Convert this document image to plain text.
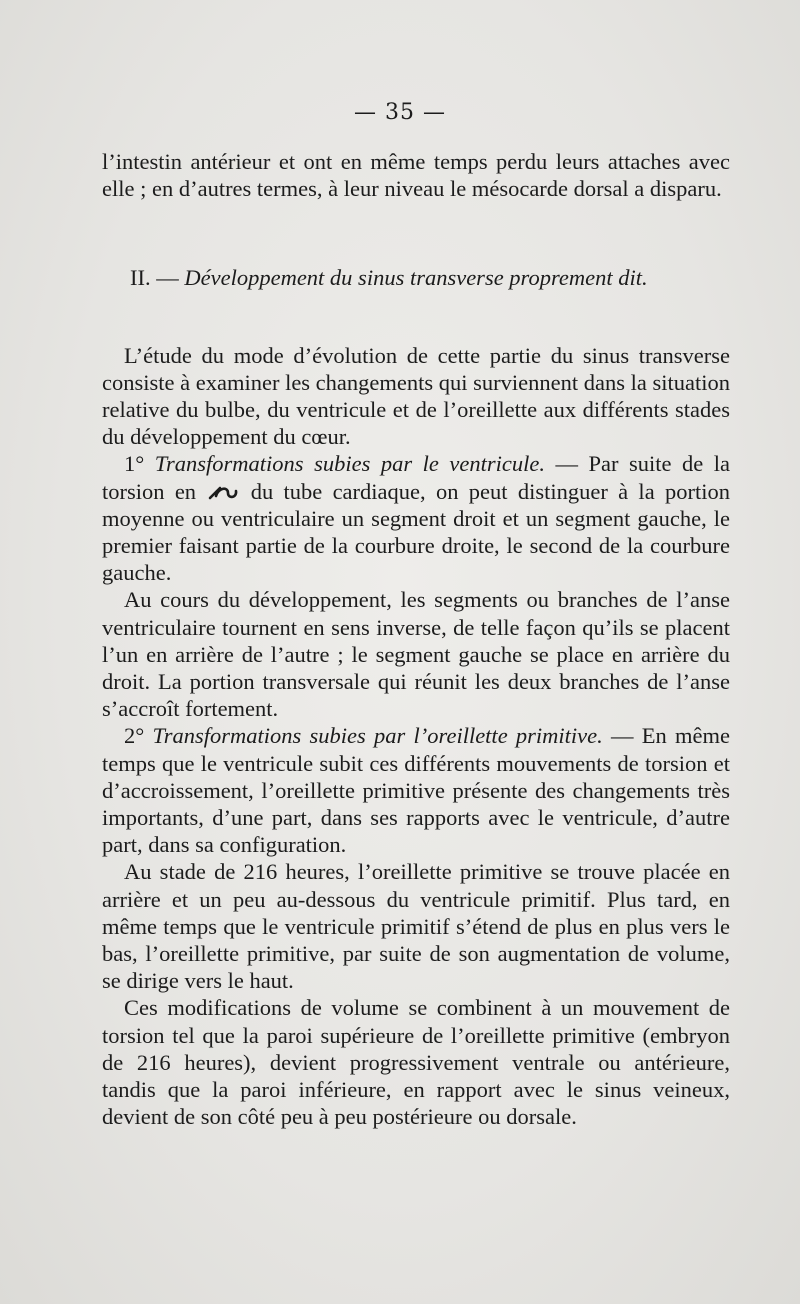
— 35 —

l’intestin antérieur et ont en même temps perdu leurs attaches avec elle ; en d’autres termes, à leur niveau le mésocarde dorsal a disparu.

II. — Développement du sinus transverse proprement dit.

L’étude du mode d’évolution de cette partie du sinus transverse consiste à examiner les changements qui surviennent dans la situation relative du bulbe, du ventricule et de l’oreillette aux différents stades du développement du cœur.

1° Transformations subies par le ventricule. — Par suite de la torsion en  du tube cardiaque, on peut distinguer à la portion moyenne ou ventriculaire un segment droit et un segment gauche, le premier faisant partie de la courbure droite, le second de la courbure gauche.

Au cours du développement, les segments ou branches de l’anse ventriculaire tournent en sens inverse, de telle façon qu’ils se placent l’un en arrière de l’autre ; le segment gauche se place en arrière du droit. La portion transversale qui réunit les deux branches de l’anse s’accroît fortement.

2° Transformations subies par l’oreillette primitive. — En même temps que le ventricule subit ces différents mouvements de torsion et d’accroissement, l’oreillette primitive présente des changements très importants, d’une part, dans ses rapports avec le ventricule, d’autre part, dans sa configuration.

Au stade de 216 heures, l’oreillette primitive se trouve placée en arrière et un peu au-dessous du ventricule primitif. Plus tard, en même temps que le ventricule primitif s’étend de plus en plus vers le bas, l’oreillette primitive, par suite de son augmentation de volume, se dirige vers le haut.

Ces modifications de volume se combinent à un mouvement de torsion tel que la paroi supérieure de l’oreillette primitive (embryon de 216 heures), devient progressivement ventrale ou antérieure, tandis que la paroi inférieure, en rapport avec le sinus veineux, devient de son côté peu à peu postérieure ou dorsale.
